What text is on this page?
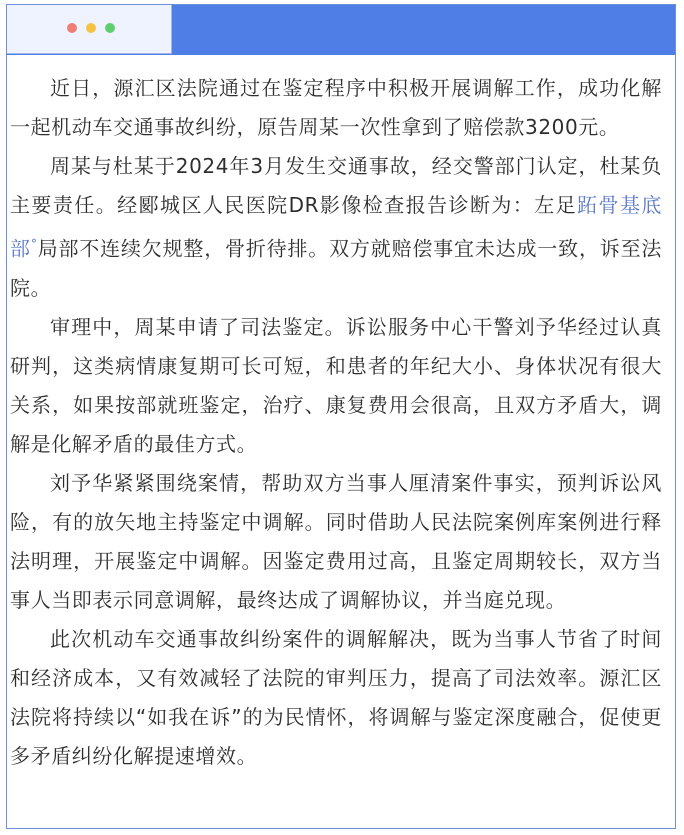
近日，源汇区法院通过在鉴定程序中积极开展调解工作，成功化解一起机动车交通事故纠纷，原告周某一次性拿到了赔偿款3200元。

周某与杜某于2024年3月发生交通事故，经交警部门认定，杜某负主要责任。经郾城区人民医院DR影像检查报告诊断为：左足跖骨基底部°局部不连续欠规整，骨折待排。双方就赔偿事宜未达成一致，诉至法院。

审理中，周某申请了司法鉴定。诉讼服务中心干警刘予华经过认真研判，这类病情康复期可长可短，和患者的年纪大小、身体状况有很大关系，如果按部就班鉴定，治疗、康复费用会很高，且双方矛盾大，调解是化解矛盾的最佳方式。

刘予华紧紧围绕案情，帮助双方当事人厘清案件事实，预判诉讼风险，有的放矢地主持鉴定中调解。同时借助人民法院案例库案例进行释法明理，开展鉴定中调解。因鉴定费用过高，且鉴定周期较长，双方当事人当即表示同意调解，最终达成了调解协议，并当庭兑现。

此次机动车交通事故纠纷案件的调解解决，既为当事人节省了时间和经济成本，又有效减轻了法院的审判压力，提高了司法效率。源汇区法院将持续以“如我在诉”的为民情怀，将调解与鉴定深度融合，促使更多矛盾纠纷化解提速增效。
